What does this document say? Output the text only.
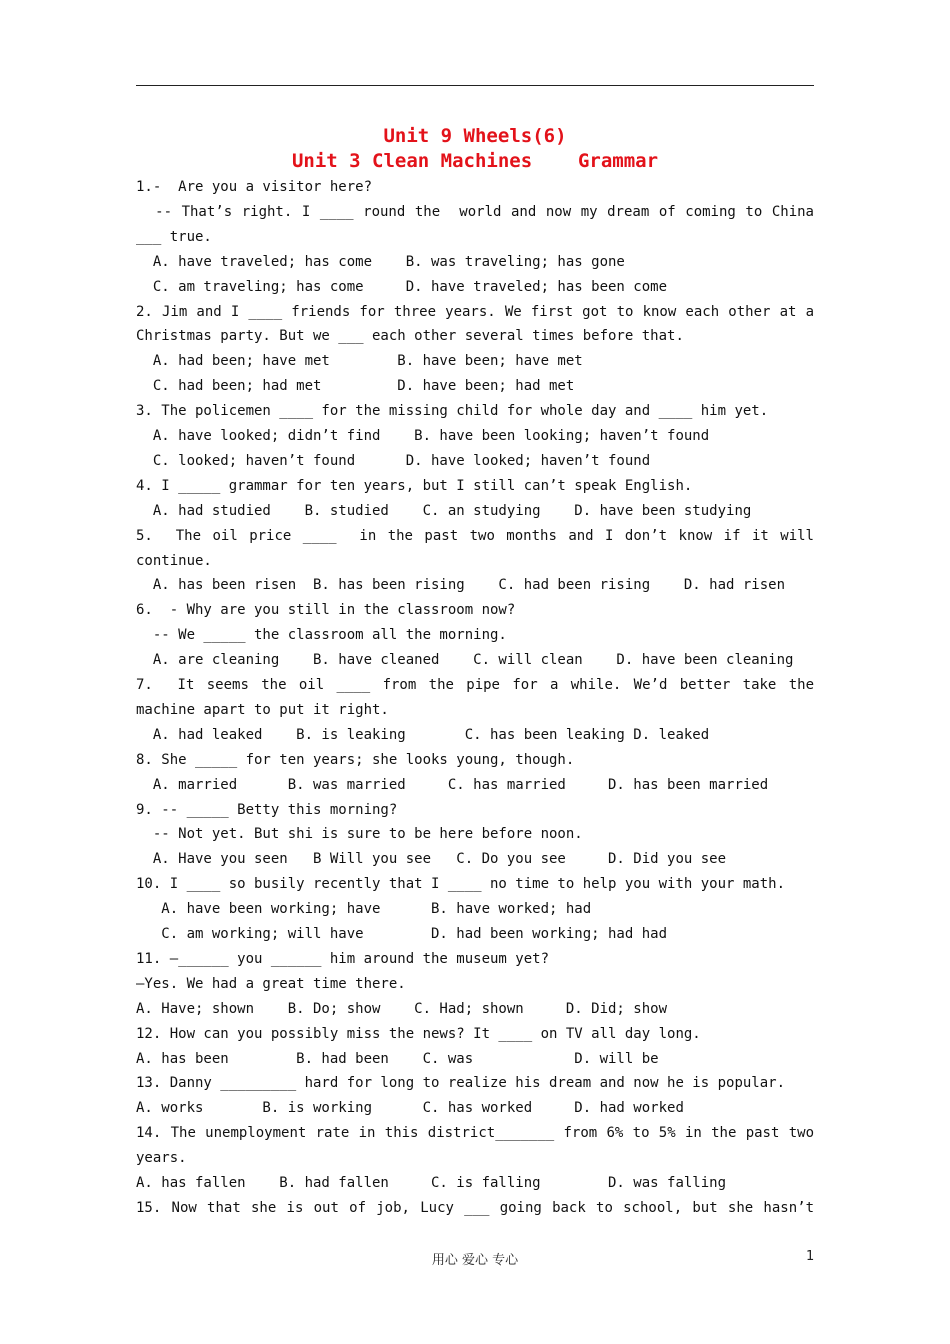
Unit 9 Wheels(6)
Unit 3 Clean Machines    Grammar
1.-  Are you a visitor here?
-- That’s right. I ____ round the  world and now my dream of coming to China
___ true.
A. have traveled; has come    B. was traveling; has gone
C. am traveling; has come     D. have traveled; has been come
2. Jim and I ____ friends for three years. We first got to know each other at a
Christmas party. But we ___ each other several times before that.
A. had been; have met        B. have been; have met
C. had been; had met         D. have been; had met
3. The policemen ____ for the missing child for whole day and ____ him yet.
A. have looked; didn’t find    B. have been looking; haven’t found
C. looked; haven’t found      D. have looked; haven’t found
4. I _____ grammar for ten years, but I still can’t speak English.
A. had studied    B. studied    C. an studying    D. have been studying
5.  The oil price ____  in the past two months and I don’t know if it will
continue.
A. has been risen  B. has been rising    C. had been rising    D. had risen
6.  - Why are you still in the classroom now?
-- We _____ the classroom all the morning.
A. are cleaning    B. have cleaned    C. will clean    D. have been cleaning
7.  It seems the oil ____ from the pipe for a while. We’d better take the
machine apart to put it right.
A. had leaked    B. is leaking       C. has been leaking D. leaked
8. She _____ for ten years; she looks young, though.
A. married      B. was married     C. has married     D. has been married
9. -- _____ Betty this morning?
-- Not yet. But shi is sure to be here before noon.
A. Have you seen   B Will you see   C. Do you see     D. Did you see
10. I ____ so busily recently that I ____ no time to help you with your math.
A. have been working; have      B. have worked; had
C. am working; will have        D. had been working; had had
11. —______ you ______ him around the museum yet?
—Yes. We had a great time there.
A. Have; shown    B. Do; show    C. Had; shown     D. Did; show
12. How can you possibly miss the news? It ____ on TV all day long.
A. has been        B. had been    C. was            D. will be
13. Danny _________ hard for long to realize his dream and now he is popular.
A. works       B. is working      C. has worked     D. had worked
14. The unemployment rate in this district_______ from 6% to 5% in the past two
years.
A. has fallen    B. had fallen     C. is falling        D. was falling
15. Now that she is out of job, Lucy ___ going back to school, but she hasn’t
用心 爱心 专心	1
